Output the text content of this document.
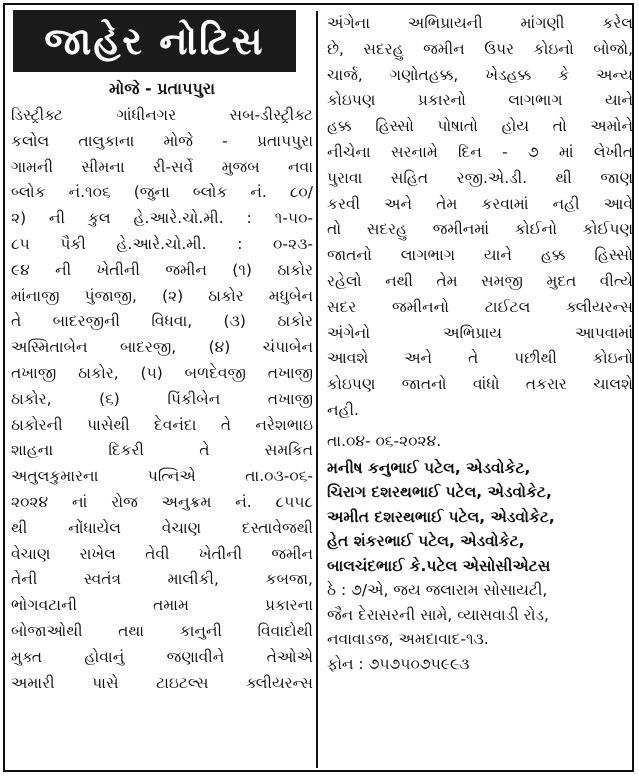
જાહેર નોટિસ
મોજે - પ્રતાપપુરા
ડિસ્ટ્રીક્ટ ગાંધીનગર સબ-ડીસ્ટ્રીક્ટ
કલોલ તાલુકાના મોજે - પ્રતાપપુરા
ગામની સીમના રી-સર્વે મુજબ નવા
બ્લોક નં.૧૦૬ (જુના બ્લોક નં. ૮૦/
૨) ની કુલ હે.આરે.ચો.મી. : ૧-૫૦-
૮૫ પૈકી હે.આરે.ચો.મી. : ૦-૨૩-
૯૪ ની ખેતીની જમીન (૧) ઠાકોર
માંનાજી પુંજાજી, (૨) ઠાકોર મધુબેન
તે બાદરજીની વિધવા, (૩) ઠાકોર
અસ્મિતાબેન બાદરજી, (૪) ચંપાબેન
તખાજી ઠાકોર, (૫) બળદેવજી તખાજી
ઠાકોર, (૬) પિંકીબેન તખાજી
ઠાકોરની પાસેથી દેવનંદા તે નરેશભાઇ
શાહના દિકરી તે સમકિત
અતુલકુમારના પત્નિએ તા.૦૩-૦૬-
૨૦૨૪ નાં રોજ અનુક્રમ નં. ૮૫૫૮
થી નોંધાયેલ વેચાણ દસ્તાવેજથી
વેચાણ રાખેલ તેવી ખેતીની જમીન
તેની સ્વતંત્ર માલીકી, કબજા,
ભોગવટાની તમામ પ્રકારના
બોજાઓથી તથા કાનુની વિવાદોથી
મુક્ત હોવાનું જણાવીને તેઓએ
અમારી પાસે ટાઇટલ્સ ક્લીયરન્સ
અંગેના અભિપ્રાયની માંગણી કરેલ
છે, સદરહુ જમીન ઉપર કોઇનો બોજો,
ચાર્જ, ગણોતહક્ક, ખેડહક્ક કે અન્ય
કોઇપણ પ્રકારનો લાગભાગ યાને
હક્ક હિસ્સો પોષાતો હોય તો અમોને
નીચેના સરનામે દિન - ૭ માં લેખીત
પુરાવા સહિત રજી.એ.ડી. થી જાણ
કરવી અને તેમ કરવામાં નહી આવે
તો સદરહુ જમીનમાં કોઈનો કોઈપણ
જાતનો લાગભાગ યાને હક્ક હિસ્સો
રહેલો નથી તેમ સમજી મુદત વીત્યે
સદર જમીનનો ટાઈટલ ક્લીયરન્સ
અંગેનો અભિપ્રાય આપવામાં
આવશે અને તે પછીથી કોઇનો
કોઇપણ જાતનો વાંધો તકરાર ચાલશે
નહી.
તા.૦૪- ૦૬-૨૦૨૪.
મનીષ કનુભાઈ પટેલ, એડવોકેટ,
ચિરાગ દશરથભાઈ પટેલ, એડવોકેટ,
અમીત દશરથભાઈ પટેલ, એડવોકેટ,
હેત શંકરભાઈ પટેલ, એડવોકેટ,
બાલચંદભાઈ કે.પટેલ એસોસીએટસ
ઠે : ૭/એ, જય જલારામ સોસાયટી,
જૈન દેરાસરની સામે, વ્યાસવાડી રોડ,
નવાવાડજ, અમદાવાદ-૧૩.
ફોન : ૭૫૭૫૦૭૫૯૯૩
